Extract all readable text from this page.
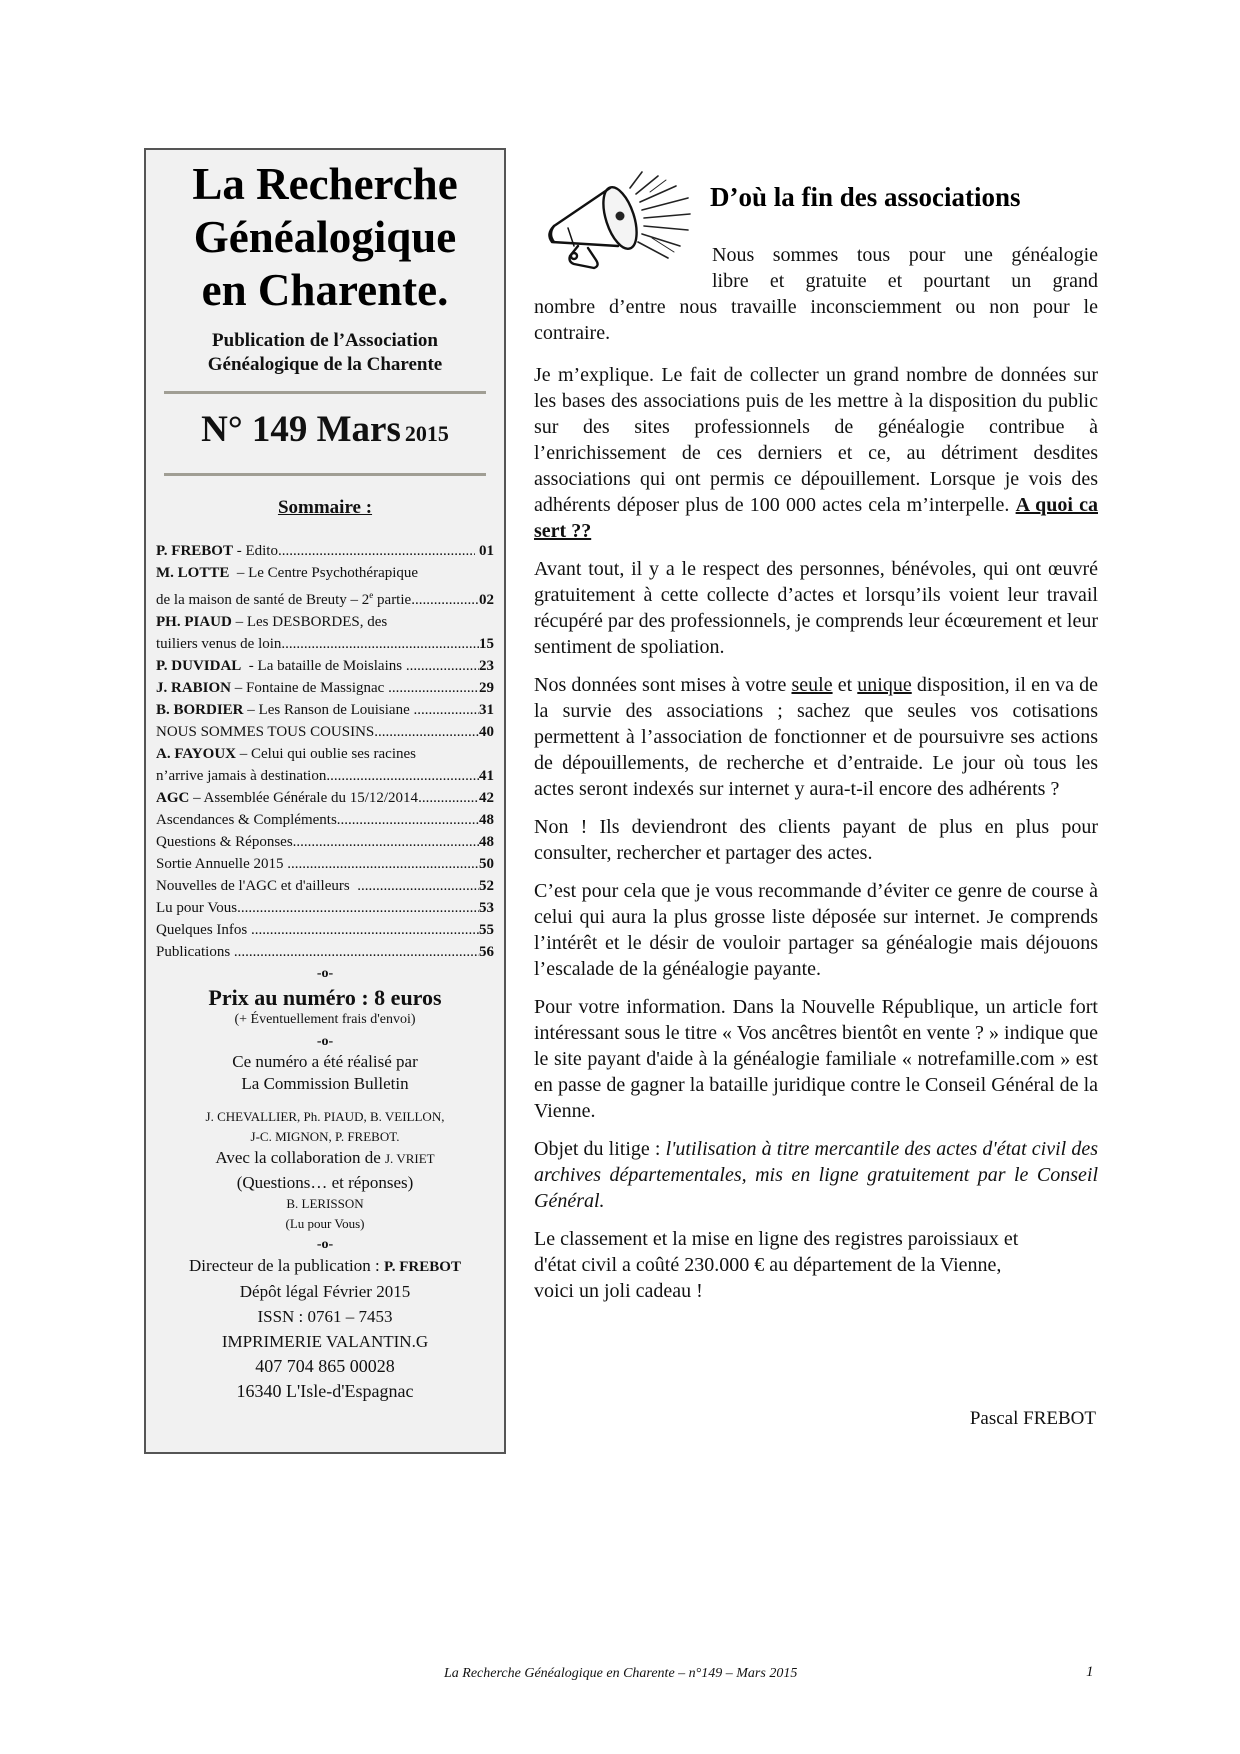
La Recherche
Généalogique
en Charente.
Publication de l’Association
Généalogique de la Charente
N° 149 Mars 2015
Sommaire :
P. FREBOT - Edito .....	01
M. LOTTE  – Le Centre Psychothérapique
de la maison de santé de Breuty – 2e partie .....	02
PH. PIAUD – Les DESBORDES, des
tuiliers venus de loin .....	15
P. DUVIDAL  - La bataille de Moislains .....	23
J. RABION – Fontaine de Massignac .....	29
B. BORDIER – Les Ranson de Louisiane .....	31
NOUS SOMMES TOUS COUSINS .....	40
A. FAYOUX – Celui qui oublie ses racines
n’arrive jamais à destination .....	41
AGC – Assemblée Générale du 15/12/2014 .....	42
Ascendances & Compléments .....	48
Questions & Réponses .....	48
Sortie Annuelle 2015 .....	50
Nouvelles de l'AGC et d'ailleurs .....	52
Lu pour Vous .....	53
Quelques Infos .....	55
Publications .....	56
-o-
Prix au numéro : 8 euros
(+ Éventuellement frais d'envoi)
-o-
Ce numéro a été réalisé par
La Commission Bulletin
J. CHEVALLIER, Ph. PIAUD, B. VEILLON,
J-C. MIGNON, P. FREBOT.
Avec la collaboration de J. VRIET
(Questions… et réponses)
B. LERISSON
(Lu pour Vous)
-o-
Directeur de la publication : P. FREBOT
Dépôt légal Février 2015
ISSN : 0761 – 7453
IMPRIMERIE VALANTIN.G
407 704 865 00028
16340 L'Isle-d'Espagnac
D’où la fin des associations
Nous sommes tous pour une généalogie
libre et gratuite et pourtant un grand
nombre d’entre nous travaille inconsciemment ou non pour le contraire.

Je m’explique. Le fait de collecter un grand nombre de données sur les bases des associations puis de les mettre à la disposition du public sur des sites professionnels de généalogie contribue à l’enrichissement de ces derniers et ce, au détriment desdites associations qui ont permis ce dépouillement. Lorsque je vois des adhérents déposer plus de 100 000 actes cela m’interpelle. A quoi ca sert ??

Avant tout, il y a le respect des personnes, bénévoles, qui ont œuvré gratuitement à cette collecte d’actes et lorsqu’ils voient leur travail récupéré par des professionnels, je comprends leur écœurement et leur sentiment de spoliation.

Nos données sont mises à votre seule et unique disposition, il en va de la survie des associations ; sachez que seules vos cotisations permettent à l’association de fonctionner et de poursuivre ses actions de dépouillements, de recherche et d’entraide. Le jour où tous les actes seront indexés sur internet y aura-t-il encore des adhérents ?

Non ! Ils deviendront des clients payant de plus en plus pour consulter, rechercher et partager des actes.

C’est pour cela que je vous recommande d’éviter ce genre de course à celui qui aura la plus grosse liste déposée sur internet. Je comprends l’intérêt et le désir de vouloir partager sa généalogie mais déjouons l’escalade de la généalogie payante.

Pour votre information. Dans la Nouvelle République, un article fort intéressant sous le titre « Vos ancêtres bientôt en vente ? » indique que le site payant d'aide à la généalogie familiale « notrefamille.com » est en passe de gagner la bataille juridique contre le Conseil Général de la Vienne.

Objet du litige : l'utilisation à titre mercantile des actes d'état civil des archives départementales, mis en ligne gratuitement par le Conseil Général.

Le classement et la mise en ligne des registres paroissiaux et
d'état civil a coûté 230.000 € au département de la Vienne,
voici un joli cadeau !

Pascal FREBOT
La Recherche Généalogique en Charente – n°149 – Mars 2015	1
